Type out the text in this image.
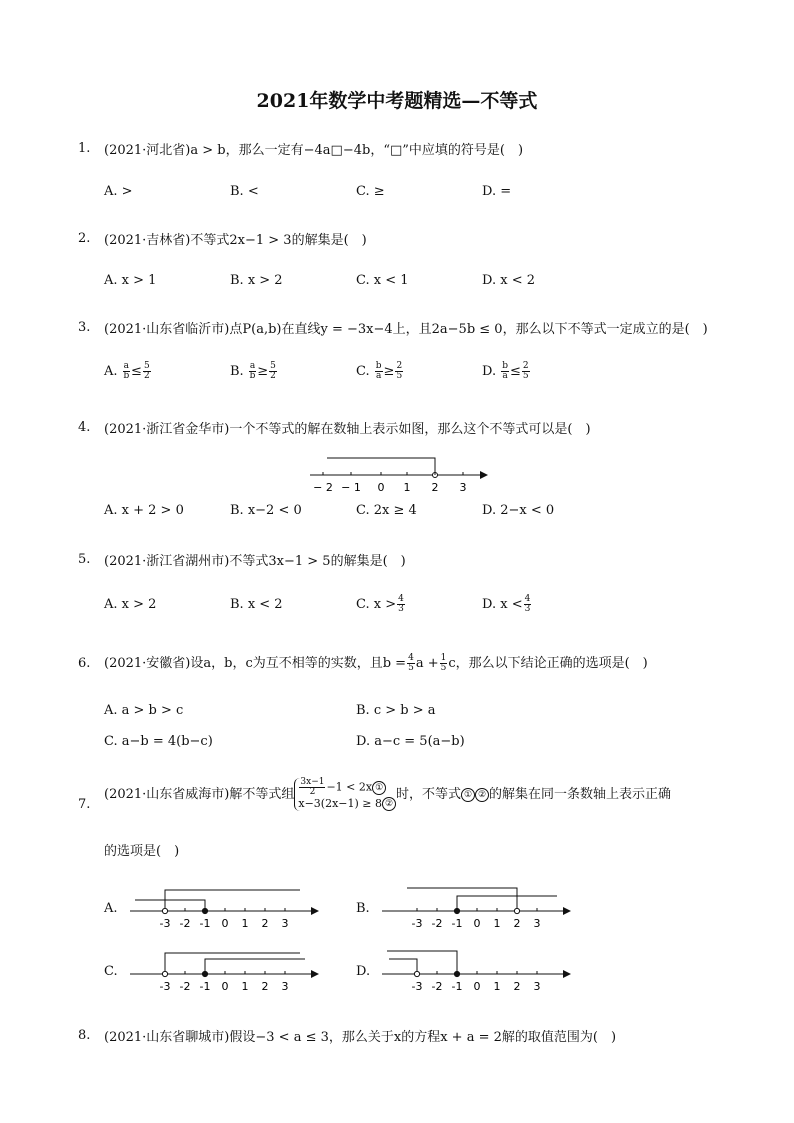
2021年数学中考题精选—不等式
1. (2021·河北省)a > b，那么一定有−4a□−4b，“□”中应填的符号是(　)
A. >	B. <	C. ≥	D. =
2. (2021·吉林省)不等式2x−1 > 3的解集是(　)
A. x > 1	B. x > 2	C. x < 1	D. x < 2
3. (2021·山东省临沂市)点P(a,b)在直线y = −3x−4上，且2a−5b ≤ 0，那么以下不等式一定成立的是(　)
A. $\frac{a}{b} \le \frac{5}{2}$	B. $\frac{a}{b} \ge \frac{5}{2}$	C. $\frac{b}{a} \ge \frac{2}{5}$	D. $\frac{b}{a} \le \frac{2}{5}$
4. (2021·浙江省金华市)一个不等式的解在数轴上表示如图，那么这个不等式可以是(　)
− 2 − 1 0 1 2 3
A. x + 2 > 0	B. x−2 < 0	C. 2x ≥ 4	D. 2−x < 0
5. (2021·浙江省湖州市)不等式3x−1 > 5的解集是(　)
A. x > 2	B. x < 2	C. $x > \frac{4}{3}$	D. $x < \frac{4}{3}$
6. (2021·安徽省)设a，b，c为互不相等的实数，且$b = \frac{4}{5}$ $a + \frac{1}{5}$ c，那么以下结论正确的选项是(　)
A. a > b > c	B. c > b > a
C. a−b = 4(b−c)	D. a−c = 5(a−b)
7.
(2021·山东省威海市)解不等式组 $\frac{3x-1}{2} -1 < 2x$ ①
x−3(2x−1) ≥ 8 ②
时，不等式 ① ② 的解集在同一条数轴上表示正确
的选项是(　)
A.
-3 -2 -1 0 1 2 3
B.
-3 -2 -1 0 1 2 3
C.
-3 -2 -1 0 1 2 3
D.
-3 -2 -1 0 1 2 3
8. (2021·山东省聊城市)假设−3 < a ≤ 3，那么关于x的方程x + a = 2解的取值范围为(　)
